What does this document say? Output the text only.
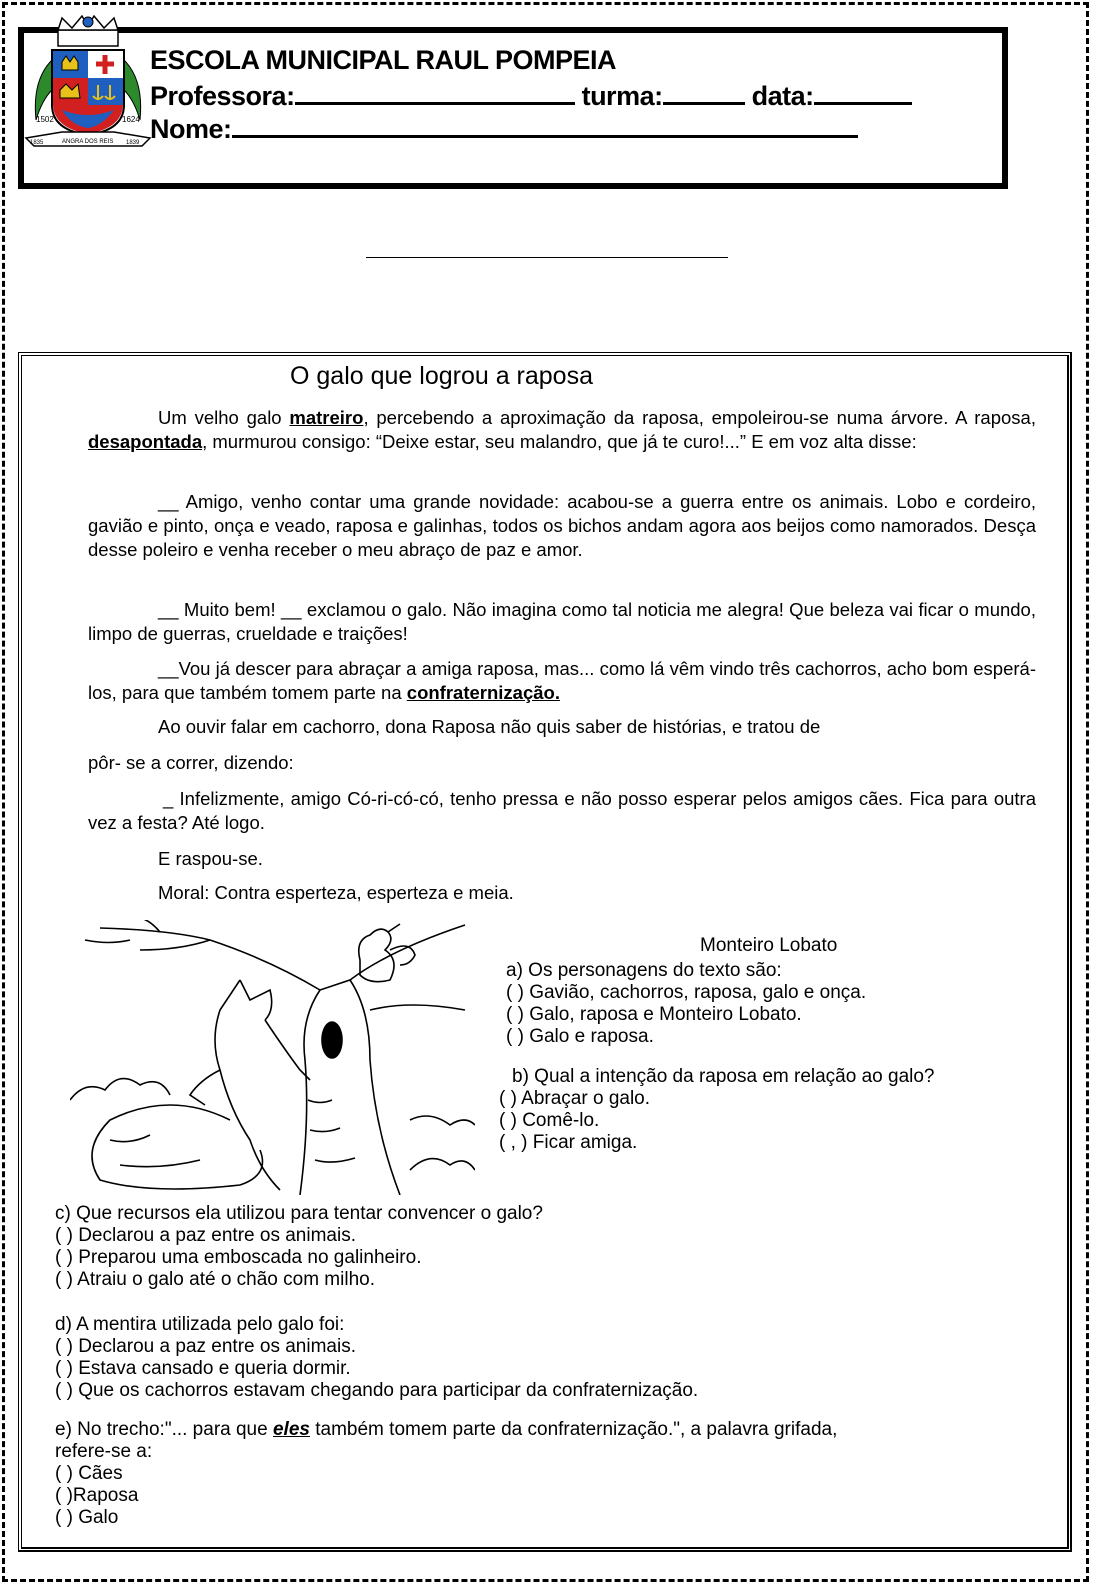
1502	1624
1835	ANGRA DOS REIS 1839
ESCOLA MUNICIPAL RAUL POMPEIA
Professora:	turma:	data:
Nome:
O galo que logrou a raposa
Um velho galo matreiro, percebendo a aproximação da raposa, empoleirou-se numa árvore. A raposa, desapontada, murmurou consigo: “Deixe estar, seu malandro, que já te curo!...” E em voz alta disse:
__ Amigo, venho contar uma grande novidade: acabou-se a guerra entre os animais. Lobo e cordeiro, gavião e pinto, onça e veado, raposa e galinhas, todos os bichos andam agora aos beijos como namorados. Desça desse poleiro e venha receber o meu abraço de paz e amor.
__ Muito bem! __ exclamou o galo. Não imagina como tal noticia me alegra! Que beleza vai ficar o mundo, limpo de guerras, crueldade e traições!
__Vou já descer para abraçar a amiga raposa, mas... como lá vêm vindo três cachorros, acho bom esperá-los, para que também tomem parte na confraternização.
Ao ouvir falar em cachorro, dona Raposa não quis saber de histórias, e tratou de
pôr- se a correr, dizendo:
_ Infelizmente, amigo Có-ri-có-có, tenho pressa e não posso esperar pelos amigos cães. Fica para outra vez a festa? Até logo.
E raspou-se.
Moral: Contra esperteza, esperteza e meia.
Monteiro Lobato
a) Os personagens do texto são:
( ) Gavião, cachorros, raposa, galo e onça.
( ) Galo, raposa e Monteiro Lobato.
( ) Galo e raposa.
b) Qual a intenção da raposa em relação ao galo?
( ) Abraçar o galo.
( ) Comê-lo.
( , ) Ficar amiga.
c) Que recursos ela utilizou para tentar convencer o galo?
( ) Declarou a paz entre os animais.
( ) Preparou uma emboscada no galinheiro.
( ) Atraiu o galo até o chão com milho.
d) A mentira utilizada pelo galo foi:
( ) Declarou a paz entre os animais.
( ) Estava cansado e queria dormir.
( ) Que os cachorros estavam chegando para participar da confraternização.
e) No trecho:"... para que eles também tomem parte da confraternização.", a palavra grifada,
refere-se a:
( ) Cães
( )Raposa
( ) Galo
